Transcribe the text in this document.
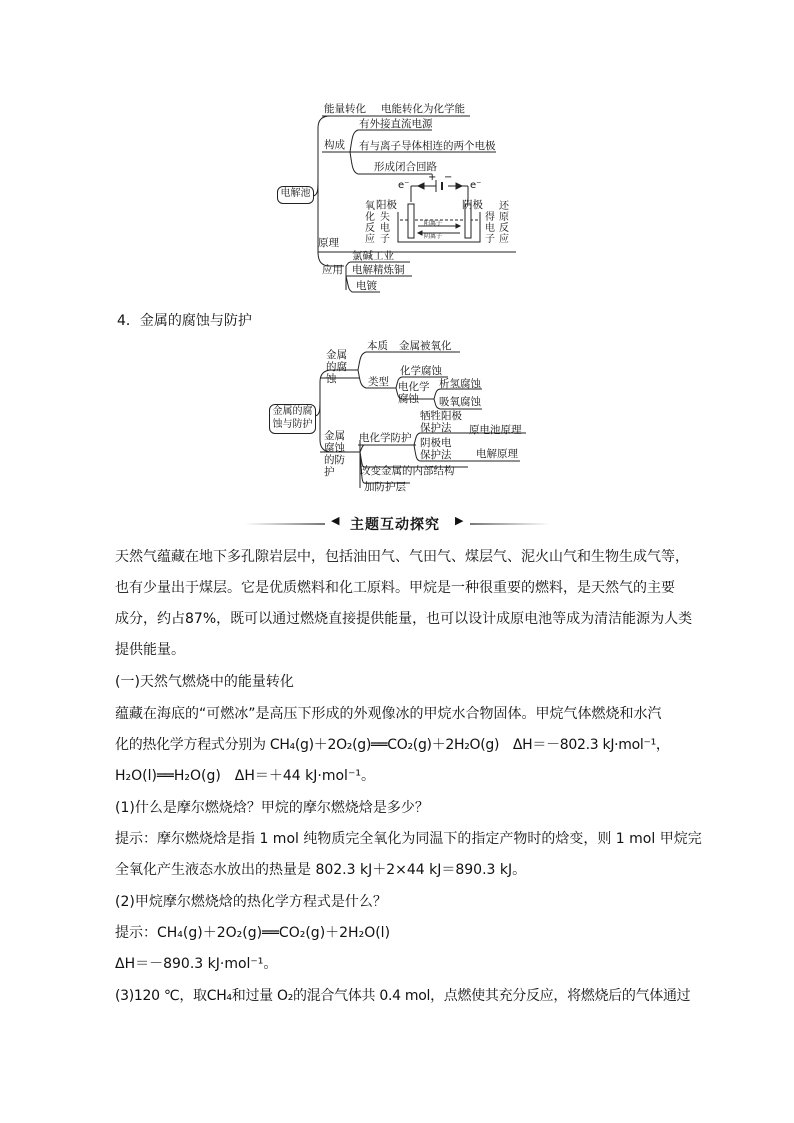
电解池
能量转化 电能转化为化学能
构成
有外接直流电源
有与离子导体相连的两个电极
形成闭合回路
原理
e⁻	e⁻
+ −
阳极	阴极
氧化反应
失电子
得电子
还原反应
阳离子
阴离子
应用
氯碱工业
电解精炼铜
电镀
4．金属的腐蚀与防护
金属的腐蚀与防护
金属的腐蚀
本质 金属被氧化
类型
化学腐蚀
电化学腐蚀
析氢腐蚀
吸氧腐蚀
金属腐蚀的防护
电化学防护
牺牲阳极保护法	原电池原理
阴极电保护法	电解原理
改变金属的内部结构
加防护层
◀ 主题互动探究 ▶
天然气蕴藏在地下多孔隙岩层中，包括油田气、气田气、煤层气、泥火山气和生物生成气等，
也有少量出于煤层。它是优质燃料和化工原料。甲烷是一种很重要的燃料，是天然气的主要
成分，约占87%，既可以通过燃烧直接提供能量，也可以设计成原电池等成为清洁能源为人类
提供能量。
(一)天然气燃烧中的能量转化
蕴藏在海底的“可燃冰”是高压下形成的外观像冰的甲烷水合物固体。甲烷气体燃烧和水汽
化的热化学方程式分别为 CH₄(g)＋2O₂(g)══CO₂(g)＋2H₂O(g)　ΔH＝－802.3 kJ·mol⁻¹，
H₂O(l)══H₂O(g)　ΔH＝＋44 kJ·mol⁻¹。
(1)什么是摩尔燃烧焓？甲烷的摩尔燃烧焓是多少？
提示：摩尔燃烧焓是指 1 mol 纯物质完全氧化为同温下的指定产物时的焓变，则 1 mol 甲烷完
全氧化产生液态水放出的热量是 802.3 kJ＋2×44 kJ＝890.3 kJ。
(2)甲烷摩尔燃烧焓的热化学方程式是什么？
提示：CH₄(g)＋2O₂(g)══CO₂(g)＋2H₂O(l)
ΔH＝－890.3 kJ·mol⁻¹。
(3)120 ℃，取CH₄和过量 O₂的混合气体共 0.4 mol，点燃使其充分反应，将燃烧后的气体通过
